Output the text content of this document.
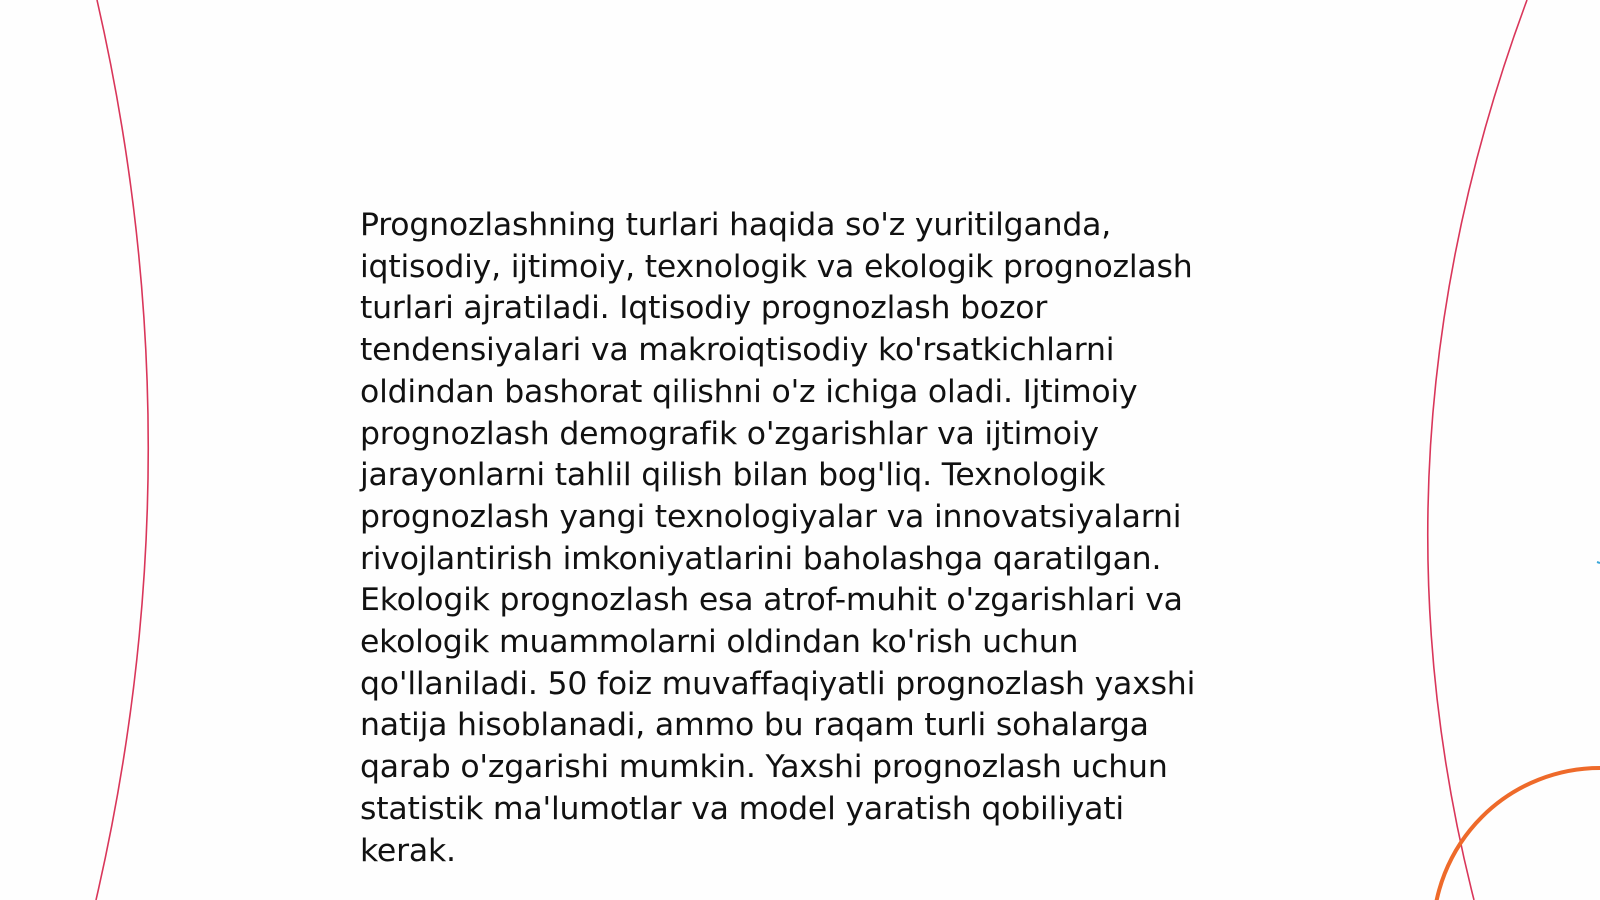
Prognozlashning turlari haqida so'z yuritilganda,
iqtisodiy, ijtimoiy, texnologik va ekologik prognozlash
turlari ajratiladi. Iqtisodiy prognozlash bozor
tendensiyalari va makroiqtisodiy ko'rsatkichlarni
oldindan bashorat qilishni o'z ichiga oladi. Ijtimoiy
prognozlash demografik o'zgarishlar va ijtimoiy
jarayonlarni tahlil qilish bilan bog'liq. Texnologik
prognozlash yangi texnologiyalar va innovatsiyalarni
rivojlantirish imkoniyatlarini baholashga qaratilgan.
Ekologik prognozlash esa atrof-muhit o'zgarishlari va
ekologik muammolarni oldindan ko'rish uchun
qo'llaniladi. 50 foiz muvaffaqiyatli prognozlash yaxshi
natija hisoblanadi, ammo bu raqam turli sohalarga
qarab o'zgarishi mumkin. Yaxshi prognozlash uchun
statistik ma'lumotlar va model yaratish qobiliyati
kerak.
